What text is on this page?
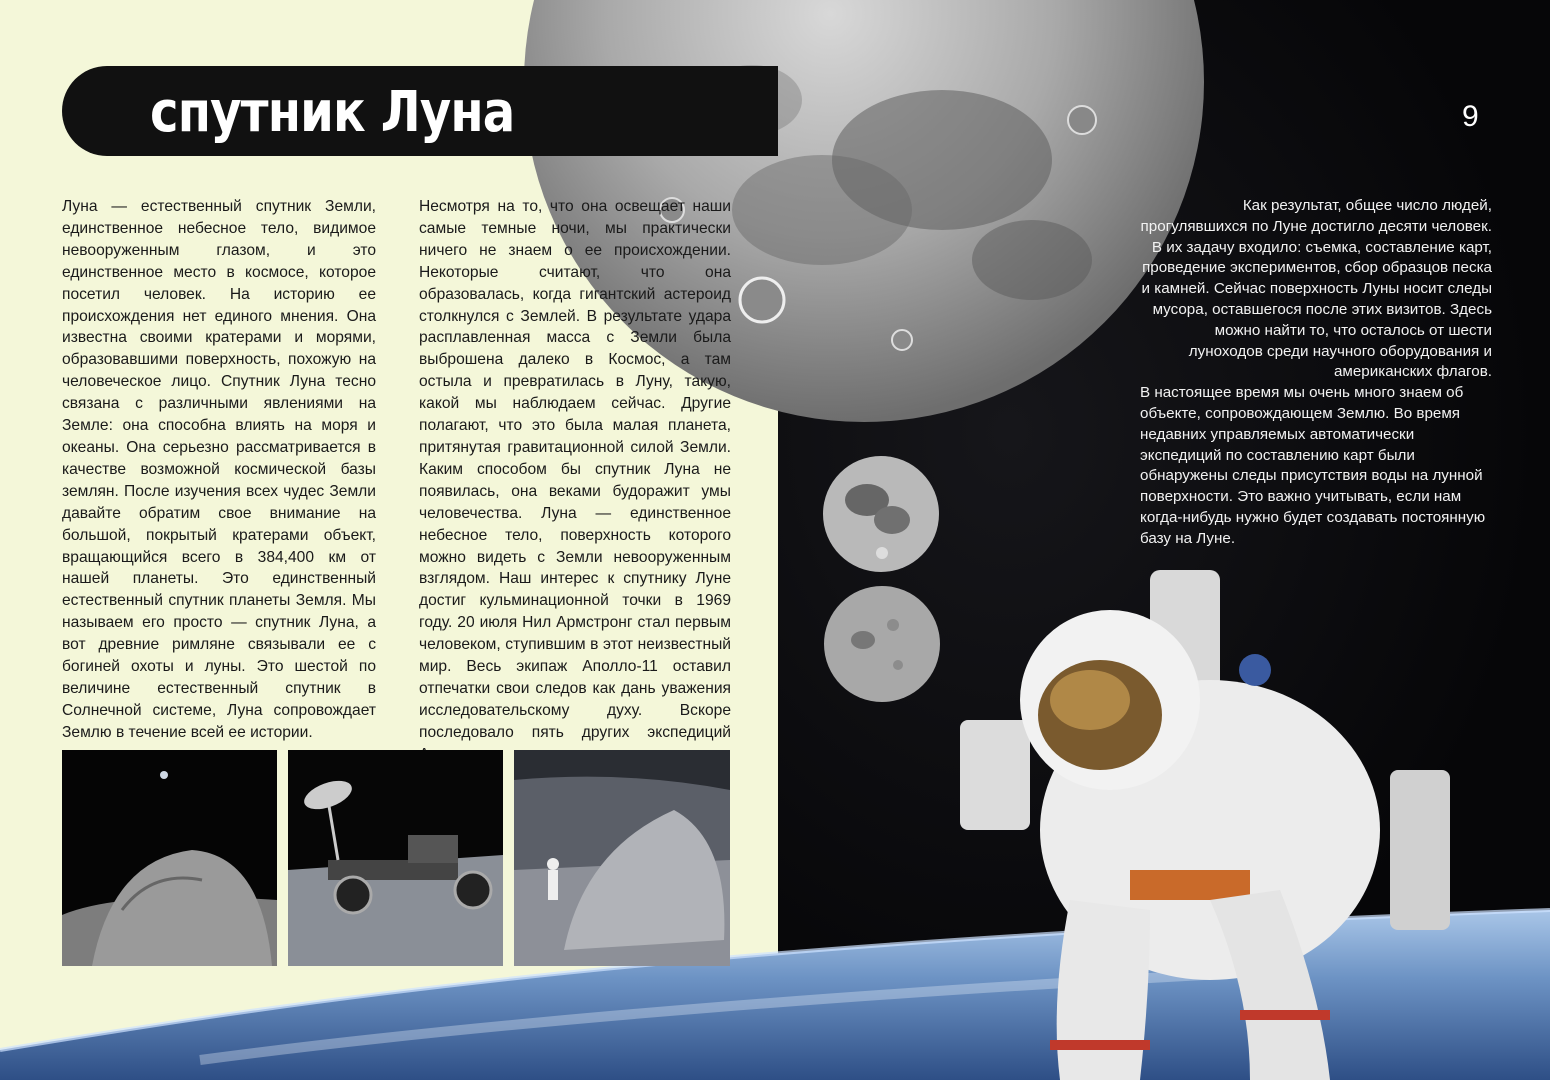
спутник Луна	9

Луна — естественный спутник Земли, единственное небесное тело, видимое невооруженным глазом, и это единственное место в космосе, которое посетил человек. На историю ее происхождения нет единого мнения. Она известна своими кратерами и морями, образовавшими поверхность, похожую на человеческое лицо. Спутник Луна тесно связана с различными явлениями на Земле: она способна влиять на моря и океаны. Она серьезно рассматривается в качестве возможной космической базы землян. После изучения всех чудес Земли давайте обратим свое внимание на большой, покрытый кратерами объект, вращающийся всего в 384,400 км от нашей планеты. Это единственный естественный спутник планеты Земля. Мы называем его просто — спутник Луна, а вот древние римляне связывали ее с богиней охоты и луны. Это шестой по величине естественный спутник в Солнечной системе, Луна сопровождает Землю в течение всей ее истории.

Несмотря на то, что она освещает наши самые темные ночи, мы практически ничего не знаем о ее происхождении. Некоторые считают, что она образовалась, когда гигантский астероид столкнулся с Землей. В результате удара расплавленная масса с Земли была выброшена далеко в Космос, а там остыла и превратилась в Луну, такую, какой мы наблюдаем сейчас. Другие полагают, что это была малая планета, притянутая гравитационной силой Земли. Каким способом бы спутник Луна не появилась, она веками будоражит умы человечества. Луна — единственное небесное тело, поверхность которого можно видеть с Земли невооруженным взглядом. Наш интерес к спутнику Луне достиг кульминационной точки в 1969 году. 20 июля Нил Армстронг стал первым человеком, ступившим в этот неизвестный мир. Весь экипаж Аполло-11 оставил отпечатки свои следов как дань уважения исследовательскому духу. Вскоре последовало пять других экспедиций

Как результат, общее число людей, прогулявшихся по Луне достигло десяти человек. В их задачу входило: съемка, составление карт, проведение экспериментов, сбор образцов песка и камней. Сейчас поверхность Луны носит следы мусора, оставшегося после этих визитов. Здесь можно найти то, что осталось от шести луноходов среди научного оборудования и американских флагов.

В настоящее время мы очень много знаем об объекте, сопровождающем Землю. Во время недавних управляемых автоматически экспедиций по составлению карт были обнаружены следы присутствия воды на лунной поверхности. Это важно учитывать, если нам когда-нибудь нужно будет создавать постоянную базу на Луне.
